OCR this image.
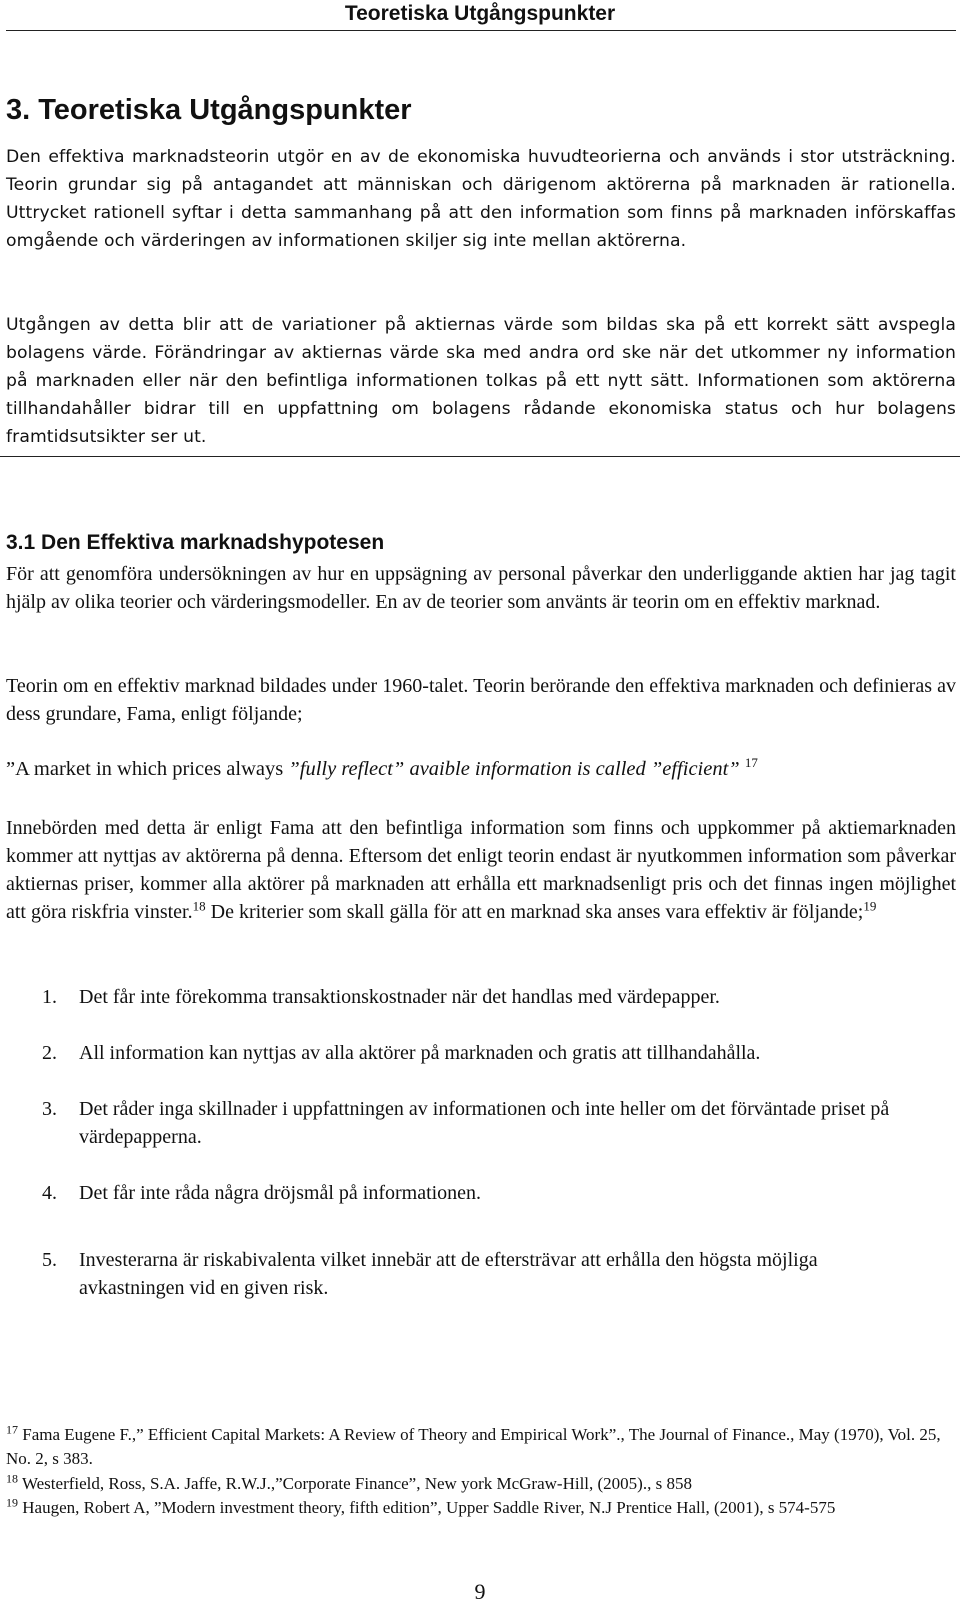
Teoretiska Utgångspunkter
3. Teoretiska Utgångspunkter

Den effektiva marknadsteorin utgör en av de ekonomiska huvudteorierna och används i stor utsträckning. Teorin grundar sig på antagandet att människan och därigenom aktörerna på marknaden är rationella. Uttrycket rationell syftar i detta sammanhang på att den information som finns på marknaden införskaffas omgående och värderingen av informationen skiljer sig inte mellan aktörerna.

Utgången av detta blir att de variationer på aktiernas värde som bildas ska på ett korrekt sätt avspegla bolagens värde. Förändringar av aktiernas värde ska med andra ord ske när det utkommer ny information på marknaden eller när den befintliga informationen tolkas på ett nytt sätt. Informationen som aktörerna tillhandahåller bidrar till en uppfattning om bolagens rådande ekonomiska status och hur bolagens framtidsutsikter ser ut.

3.1 Den Effektiva marknadshypotesen

För att genomföra undersökningen av hur en uppsägning av personal påverkar den underliggande aktien har jag tagit hjälp av olika teorier och värderingsmodeller. En av de teorier som använts är teorin om en effektiv marknad.

Teorin om en effektiv marknad bildades under 1960-talet. Teorin berörande den effektiva marknaden och definieras av dess grundare, Fama, enligt följande;

”A market in which prices always ”fully reflect” avaible information is called ”efficient” $^{17}$

Innebörden med detta är enligt Fama att den befintliga information som finns och uppkommer på aktiemarknaden kommer att nyttjas av aktörerna på denna. Eftersom det enligt teorin endast är nyutkommen information som påverkar aktiernas priser, kommer alla aktörer på marknaden att erhålla ett marknadsenligt pris och det finnas ingen möjlighet att göra riskfria vinster.$^{18}$ De kriterier som skall gälla för att en marknad ska anses vara effektiv är följande;$^{19}$

1. Det får inte förekomma transaktionskostnader när det handlas med värdepapper.
2. All information kan nyttjas av alla aktörer på marknaden och gratis att tillhandahålla.
3. Det råder inga skillnader i uppfattningen av informationen och inte heller om det förväntade priset på värdepapperna.
4. Det får inte råda några dröjsmål på informationen.
5. Investerarna är riskabivalenta vilket innebär att de eftersträvar att erhålla den högsta möjliga avkastningen vid en given risk.

$^{17}$ Fama Eugene F.,” Efficient Capital Markets: A Review of Theory and Empirical Work”., The Journal of Finance., May (1970), Vol. 25, No. 2, s 383.

$^{18}$ Westerfield, Ross, S.A. Jaffe, R.W.J.,”Corporate Finance”, New york McGraw-Hill, (2005)., s 858

$^{19}$ Haugen, Robert A, ”Modern investment theory, fifth edition”, Upper Saddle River, N.J Prentice Hall, (2001), s 574-575

9
